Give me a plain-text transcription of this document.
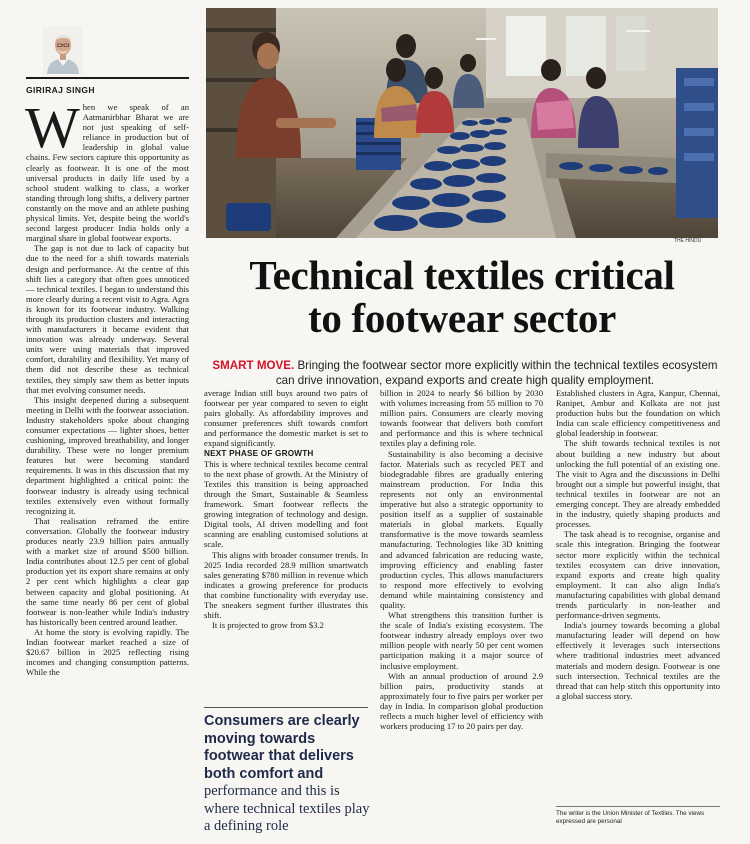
GIRIRAJ SINGH

When we speak of an Aatmanirbhar Bharat we are not just speaking of self-reliance in production but of leadership in global value chains. Few sectors capture this opportunity as clearly as footwear. It is one of the most universal products in daily life used by a school student walking to class, a worker standing through long shifts, a delivery partner constantly on the move and an athlete pushing physical limits. Yet, despite being the world's second largest producer India holds only a marginal share in global footwear exports.

The gap is not due to lack of capacity but due to the need for a shift towards materials design and performance. At the centre of this shift lies a category that often goes unnoticed — technical textiles. I began to understand this more clearly during a recent visit to Agra. Agra is known for its footwear industry. Walking through its production clusters and interacting with manufacturers it became evident that innovation was already underway. Several units were using materials that improved comfort, durability and flexibility. Yet many of them did not describe these as technical textiles, they simply saw them as better inputs that met evolving consumer needs.

This insight deepened during a subsequent meeting in Delhi with the footwear association. Industry stakeholders spoke about changing consumer expectations — lighter shoes, better cushioning, improved breathability, and longer durability. These were no longer premium features but were becoming standard requirements. It was in this discussion that my department highlighted a critical point: the footwear industry is already using technical textiles extensively even without formally recognizing it.

That realisation reframed the entire conversation. Globally the footwear industry produces nearly 23.9 billion pairs annually with a market size of around $500 billion. India contributes about 12.5 per cent of global production yet its export share remains at only 2 per cent which highlights a clear gap between capacity and global positioning. At the same time nearly 86 per cent of global footwear is non-leather while India's industry has historically been centred around leather.

At home the story is evolving rapidly. The Indian footwear market reached a size of $20.67 billion in 2025 reflecting rising incomes and changing consumption patterns. While the

THE HINDU
Technical textiles critical
to footwear sector
SMART MOVE. Bringing the footwear sector more explicitly within the technical textiles ecosystem can drive innovation, expand exports and create high quality employment.

average Indian still buys around two pairs of footwear per year compared to seven to eight pairs globally. As affordability improves and consumer preferences shift towards comfort and performance the domestic market is set to expand significantly.

NEXT PHASE OF GROWTH

This is where technical textiles become central to the next phase of growth. At the Ministry of Textiles this transition is being approached through the Smart, Sustainable & Seamless framework. Smart footwear reflects the growing integration of technology and design. Digital tools, AI driven modelling and foot scanning are enabling customised solutions at scale.

This aligns with broader consumer trends. In 2025 India recorded 28.9 million smartwatch sales generating $780 million in revenue which indicates a growing preference for products that combine functionality with everyday use. The sneakers segment further illustrates this shift.

It is projected to grow from $3.2

Consumers are clearly moving towards footwear that delivers both comfort and performance and this is where technical textiles play a defining role

billion in 2024 to nearly $6 billion by 2030 with volumes increasing from 55 million to 70 million pairs. Consumers are clearly moving towards footwear that delivers both comfort and performance and this is where technical textiles play a defining role.

Sustainability is also becoming a decisive factor. Materials such as recycled PET and biodegradable fibres are gradually entering mainstream production. For India this represents not only an environmental imperative but also a strategic opportunity to position itself as a supplier of sustainable materials in global markets. Equally transformative is the move towards seamless manufacturing. Technologies like 3D knitting and advanced fabrication are reducing waste, improving efficiency and enabling faster production cycles. This allows manufacturers to respond more effectively to evolving demand while maintaining consistency and quality.

What strengthens this transition further is the scale of India's existing ecosystem. The footwear industry already employs over two million people with nearly 50 per cent women participation making it a major source of inclusive employment.

With an annual production of around 2.9 billion pairs, productivity stands at approximately four to five pairs per worker per day in India. In comparison global production reflects a much higher level of efficiency with workers producing 17 to 20 pairs per day.

Established clusters in Agra, Kanpur, Chennai, Ranipet, Ambur and Kolkata are not just production hubs but the foundation on which India can scale efficiency competitiveness and global leadership in footwear.

The shift towards technical textiles is not about building a new industry but about unlocking the full potential of an existing one. The visit to Agra and the discussions in Delhi brought out a simple but powerful insight, that technical textiles in footwear are not an emerging concept. They are already embedded in the industry, quietly shaping products and processes.

The task ahead is to recognise, organise and scale this integration. Bringing the footwear sector more explicitly within the technical textiles ecosystem can drive innovation, expand exports and create high quality employment. It can also align India's manufacturing capabilities with global demand trends particularly in non-leather and performance-driven segments.

India's journey towards becoming a global manufacturing leader will depend on how effectively it leverages such intersections where traditional industries meet advanced materials and modern design. Footwear is one such intersection. Technical textiles are the thread that can help stitch this opportunity into a global success story.

The writer is the Union Minister of Textiles. The views expressed are personal
